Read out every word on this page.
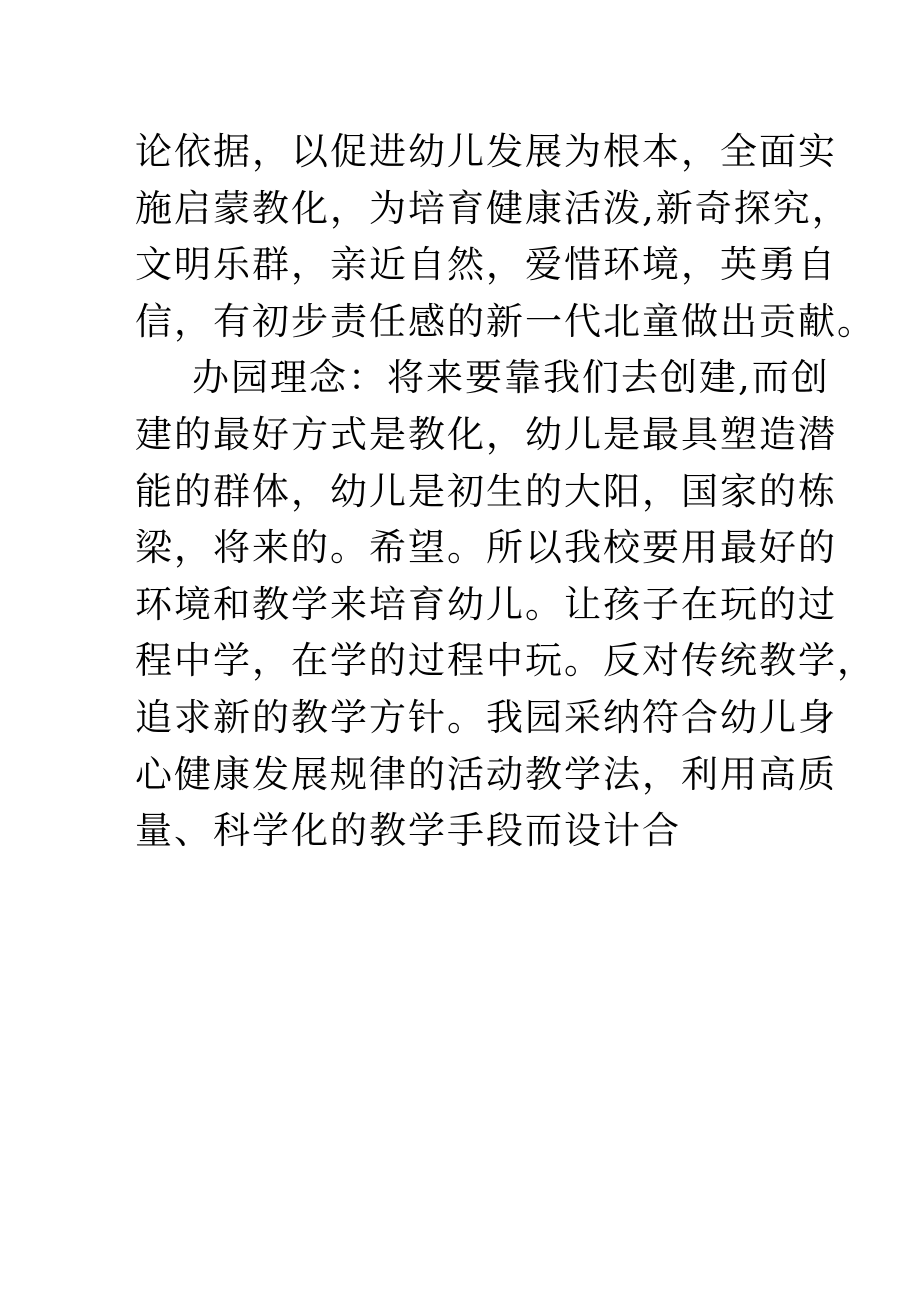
论依据，以促进幼儿发展为根本，全面实
施启蒙教化，为培育健康活泼,新奇探究，
文明乐群，亲近自然，爱惜环境，英勇自
信，有初步责任感的新一代北童做出贡献。
办园理念：将来要靠我们去创建,而创
建的最好方式是教化，幼儿是最具塑造潜
能的群体，幼儿是初生的大阳，国家的栋
梁，将来的。希望。所以我校要用最好的
环境和教学来培育幼儿。让孩子在玩的过
程中学，在学的过程中玩。反对传统教学，
追求新的教学方针。我园采纳符合幼儿身
心健康发展规律的活动教学法，利用高质
量、科学化的教学手段而设计合
